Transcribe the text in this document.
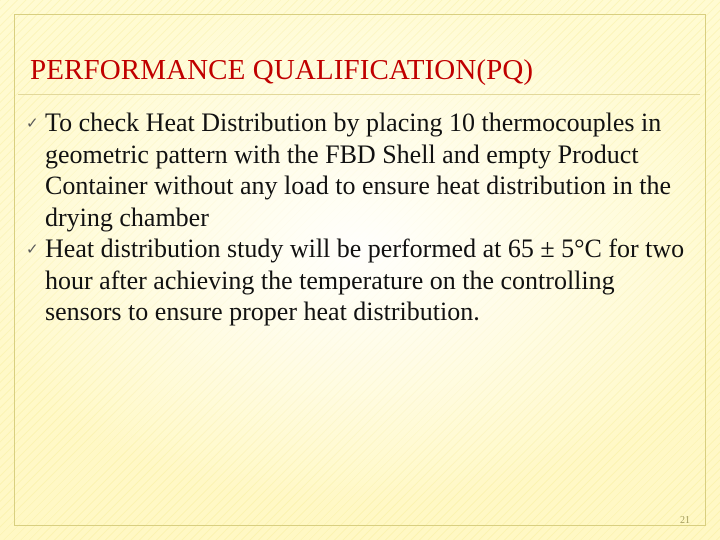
PERFORMANCE QUALIFICATION(PQ)
✓ To check Heat Distribution by placing 10 thermocouples in geometric pattern with the FBD Shell and empty Product Container without any load to ensure heat distribution in the drying chamber
✓ Heat distribution study will be performed at 65 ± 5°C for two hour after achieving the temperature on the controlling sensors to ensure proper heat distribution.
21
